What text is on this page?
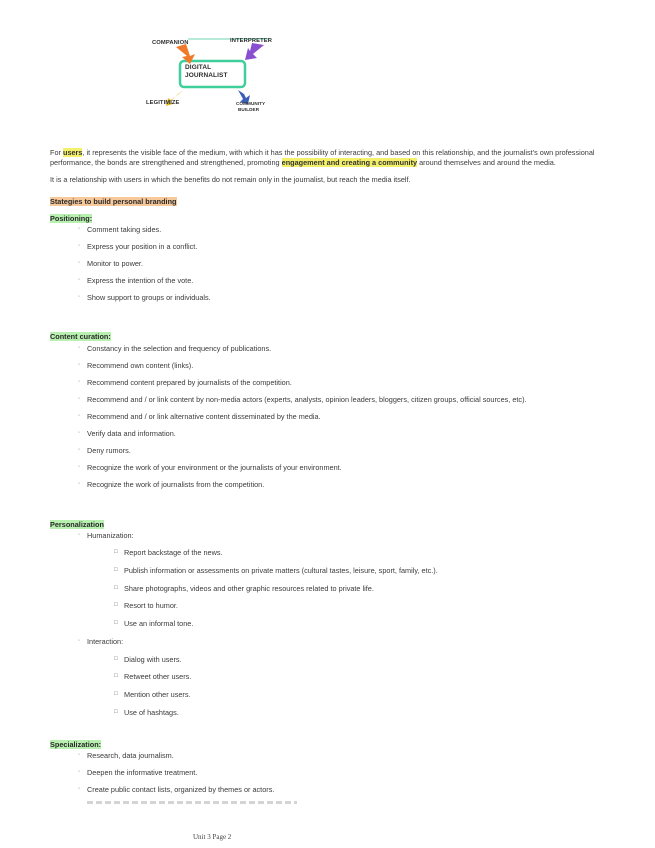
COMPANION	INTERPRETER
DIGITAL
JOURNALIST
LEGITIMIZE	COMMUNITY
BUILDER
For users, it represents the visible face of the medium, with which it has the possibility of interacting, and based on this relationship, and the journalist's own professional performance, the bonds are strengthened and strengthened, promoting engagement and creating a community around themselves and around the media.
It is a relationship with users in which the benefits do not remain only in the journalist, but reach the media itself.
Stategies to build personal branding
Positioning:
◦ Comment taking sides.
◦ Express your position in a conflict.
◦ Monitor to power.
◦ Express the intention of the vote.
◦ Show support to groups or individuals.
Content curation:
◦ Constancy in the selection and frequency of publications.
◦ Recommend own content (links).
◦ Recommend content prepared by journalists of the competition.
◦ Recommend and / or link content by non-media actors (experts, analysts, opinion leaders, bloggers, citizen groups, official sources, etc).
◦ Recommend and / or link alternative content disseminated by the media.
◦ Verify data and information.
◦ Deny rumors.
◦ Recognize the work of your environment or the journalists of your environment.
◦ Recognize the work of journalists from the competition.
Personalization
◦ Humanization:
□ Report backstage of the news.
□ Publish information or assessments on private matters (cultural tastes, leisure, sport, family, etc.).
□ Share photographs, videos and other graphic resources related to private life.
□ Resort to humor.
□ Use an informal tone.
◦ Interaction:
□ Dialog with users.
□ Retweet other users.
□ Mention other users.
□ Use of hashtags.
Specialization:
◦ Research, data journalism.
◦ Deepen the informative treatment.
◦ Create public contact lists, organized by themes or actors.
Unit 3 Page 2
